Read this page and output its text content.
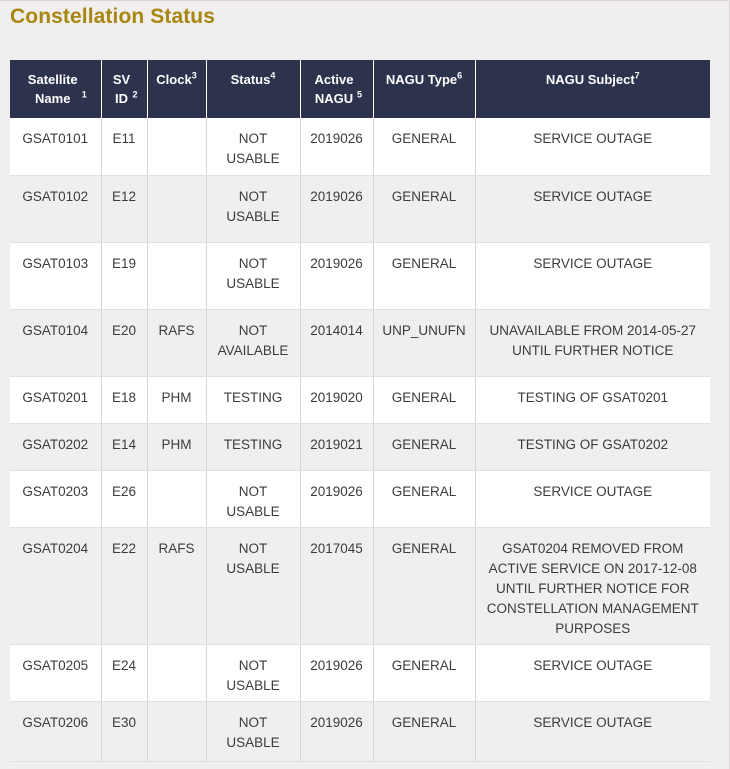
Constellation Status
Satellite Name $^1$	SV ID $^2$	Clock$^3$	Status$^4$	Active NAGU $^5$	NAGU Type$^6$	NAGU Subject$^7$
GSAT0101	E11		NOT USABLE	2019026	GENERAL	SERVICE OUTAGE
GSAT0102	E12		NOT USABLE	2019026	GENERAL	SERVICE OUTAGE
GSAT0103	E19		NOT USABLE	2019026	GENERAL	SERVICE OUTAGE
GSAT0104	E20	RAFS	NOT AVAILABLE	2014014	UNP_UNUFN	UNAVAILABLE FROM 2014-05-27 UNTIL FURTHER NOTICE
GSAT0201	E18	PHM	TESTING	2019020	GENERAL	TESTING OF GSAT0201
GSAT0202	E14	PHM	TESTING	2019021	GENERAL	TESTING OF GSAT0202
GSAT0203	E26		NOT USABLE	2019026	GENERAL	SERVICE OUTAGE
GSAT0204	E22	RAFS	NOT USABLE	2017045	GENERAL	GSAT0204 REMOVED FROM ACTIVE SERVICE ON 2017-12-08 UNTIL FURTHER NOTICE FOR CONSTELLATION MANAGEMENT PURPOSES
GSAT0205	E24		NOT USABLE	2019026	GENERAL	SERVICE OUTAGE
GSAT0206	E30		NOT USABLE	2019026	GENERAL	SERVICE OUTAGE
